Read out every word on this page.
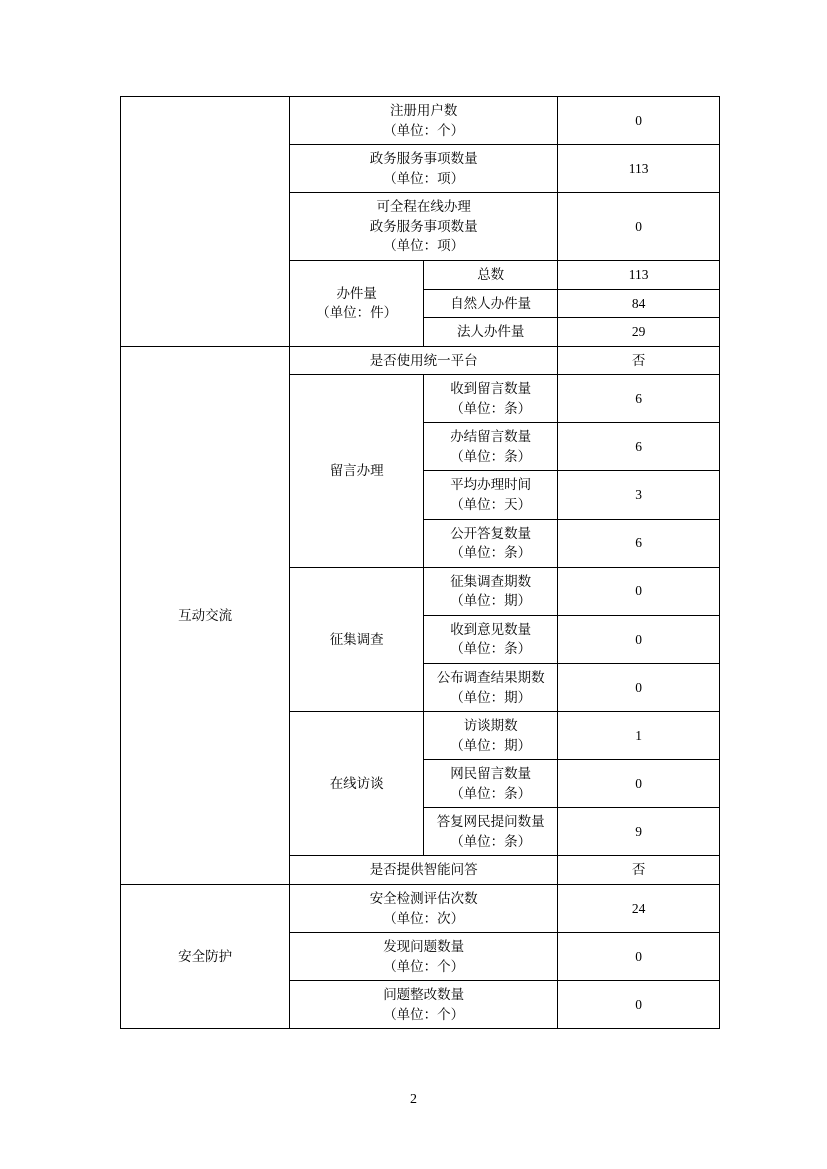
	注册用户数
（单位：个）		0

	政务服务事项数量
（单位：项）		113

	可全程在线办理
政务服务事项数量
（单位：项）		0

	办件量
（单位：件）	总数	113
		自然人办件量	84
		法人办件量	29
互动交流	是否使用统一平台		否
	留言办理	收到留言数量
（单位：条）	6

		办结留言数量
（单位：条）	6

		平均办理时间
（单位：天）	3

		公开答复数量
（单位：条）	6
	征集调查	征集调查期数
（单位：期）	0

		收到意见数量
（单位：条）	0

		公布调查结果期数
（单位：期）	0
	在线访谈	访谈期数
（单位：期）	1

		网民留言数量
（单位：条）	0

		答复网民提问数量
（单位：条）	9
	是否提供智能问答		否
安全防护	安全检测评估次数
（单位：次）		24

	发现问题数量
（单位：个）		0

	问题整改数量
（单位：个）		0
2
